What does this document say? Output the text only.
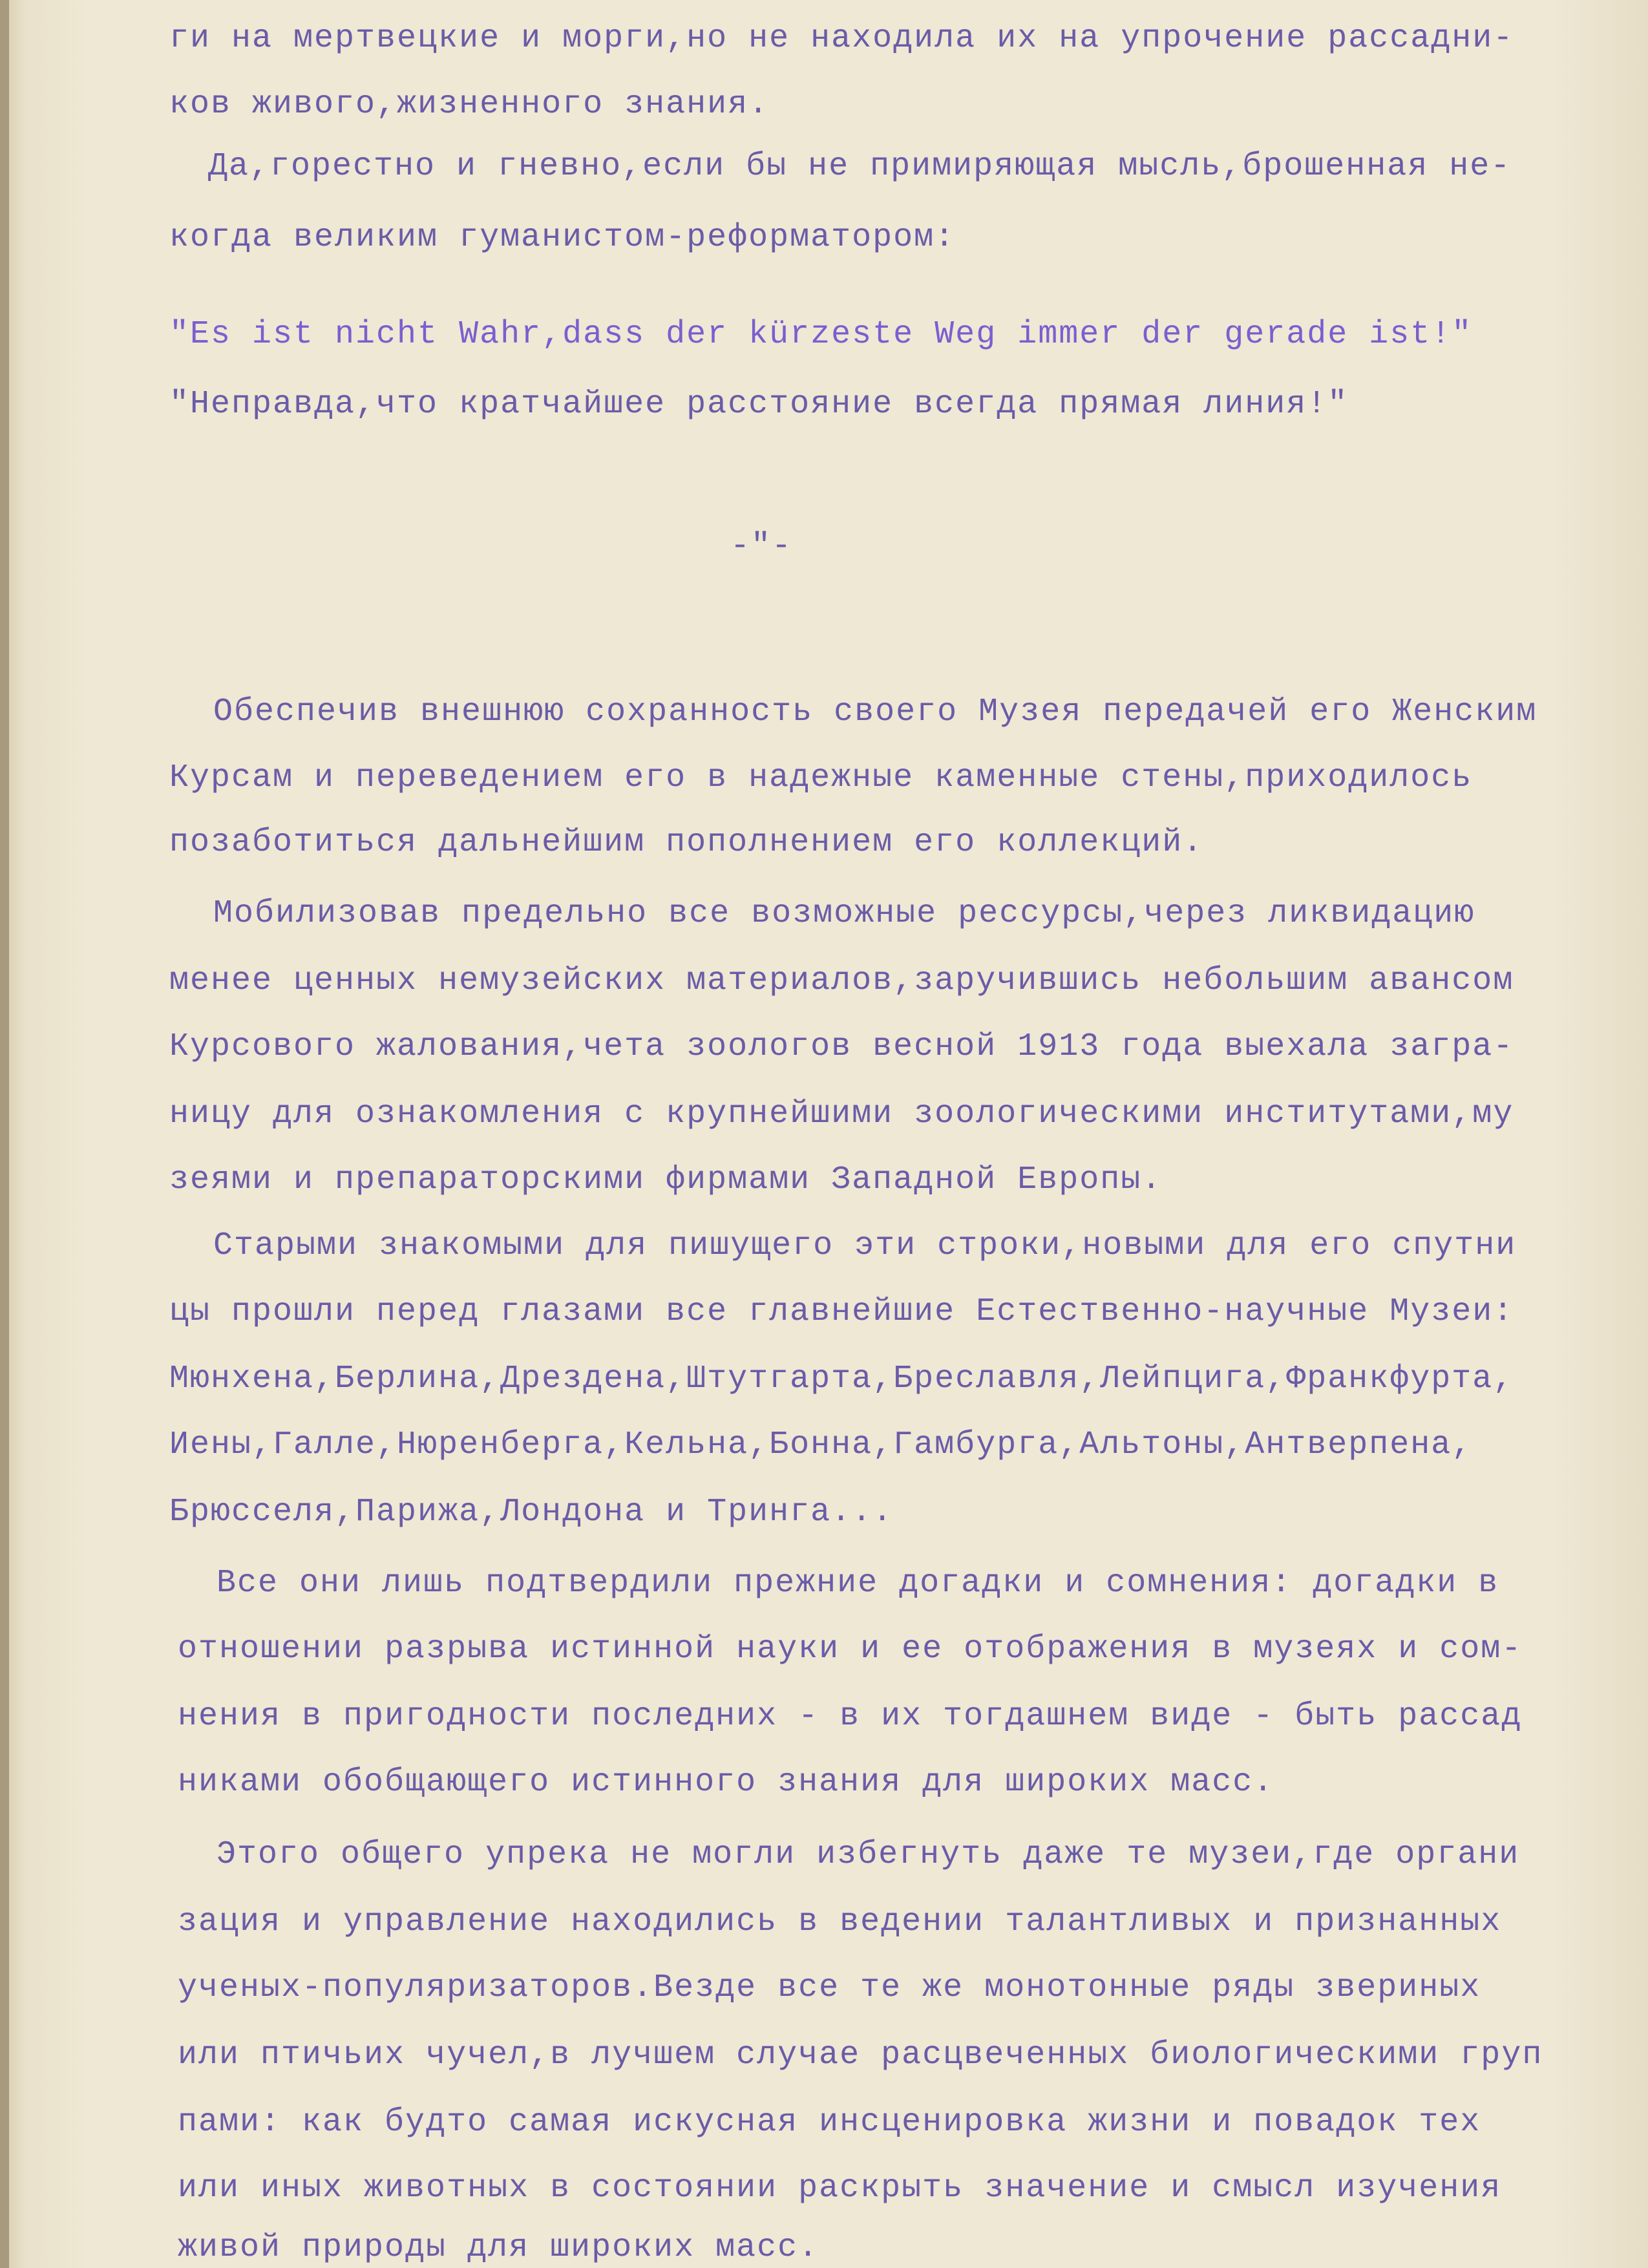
ги на мертвецкие и морги,но не находила их на упрочение рассадни-
ков живого,жизненного знания.
Да,горестно и гневно,если бы не примиряющая мысль,брошенная не-
когда великим гуманистом-реформатором:
"Es ist nicht Wahr,dass der kürzeste Weg immer der gerade ist!"
"Неправда,что кратчайшее расстояние всегда прямая линия!"
-"-
Обеспечив внешнюю сохранность своего Музея передачей его Женским
Курсам и переведением его в надежные каменные стены,приходилось
позаботиться дальнейшим пополнением его коллекций.
Мобилизовав предельно все возможные рессурсы,через ликвидацию
менее ценных немузейских материалов,заручившись небольшим авансом
Курсового жалования,чета зоологов весной 1913 года выехала загра-
ницу для ознакомления с крупнейшими зоологическими институтами,му
зеями и препараторскими фирмами Западной Европы.
Старыми знакомыми для пишущего эти строки,новыми для его спутни
цы прошли перед глазами все главнейшие Естественно-научные Музеи:
Мюнхена,Берлина,Дрездена,Штутгарта,Бреславля,Лейпцига,Франкфурта,
Иены,Галле,Нюренберга,Кельна,Бонна,Гамбурга,Альтоны,Антверпена,
Брюсселя,Парижа,Лондона и Тринга...
Все они лишь подтвердили прежние догадки и сомнения: догадки в
отношении разрыва истинной науки и ее отображения в музеях и сом-
нения в пригодности последних - в их тогдашнем виде - быть рассад
никами обобщающего истинного знания для широких масс.
Этого общего упрека не могли избегнуть даже те музеи,где органи
зация и управление находились в ведении талантливых и признанных
ученых-популяризаторов.Везде все те же монотонные ряды звериных
или птичьих чучел,в лучшем случае расцвеченных биологическими груп
пами: как будто самая искусная инсценировка жизни и повадок тех
или иных животных в состоянии раскрыть значение и смысл изучения
живой природы для широких масс.
